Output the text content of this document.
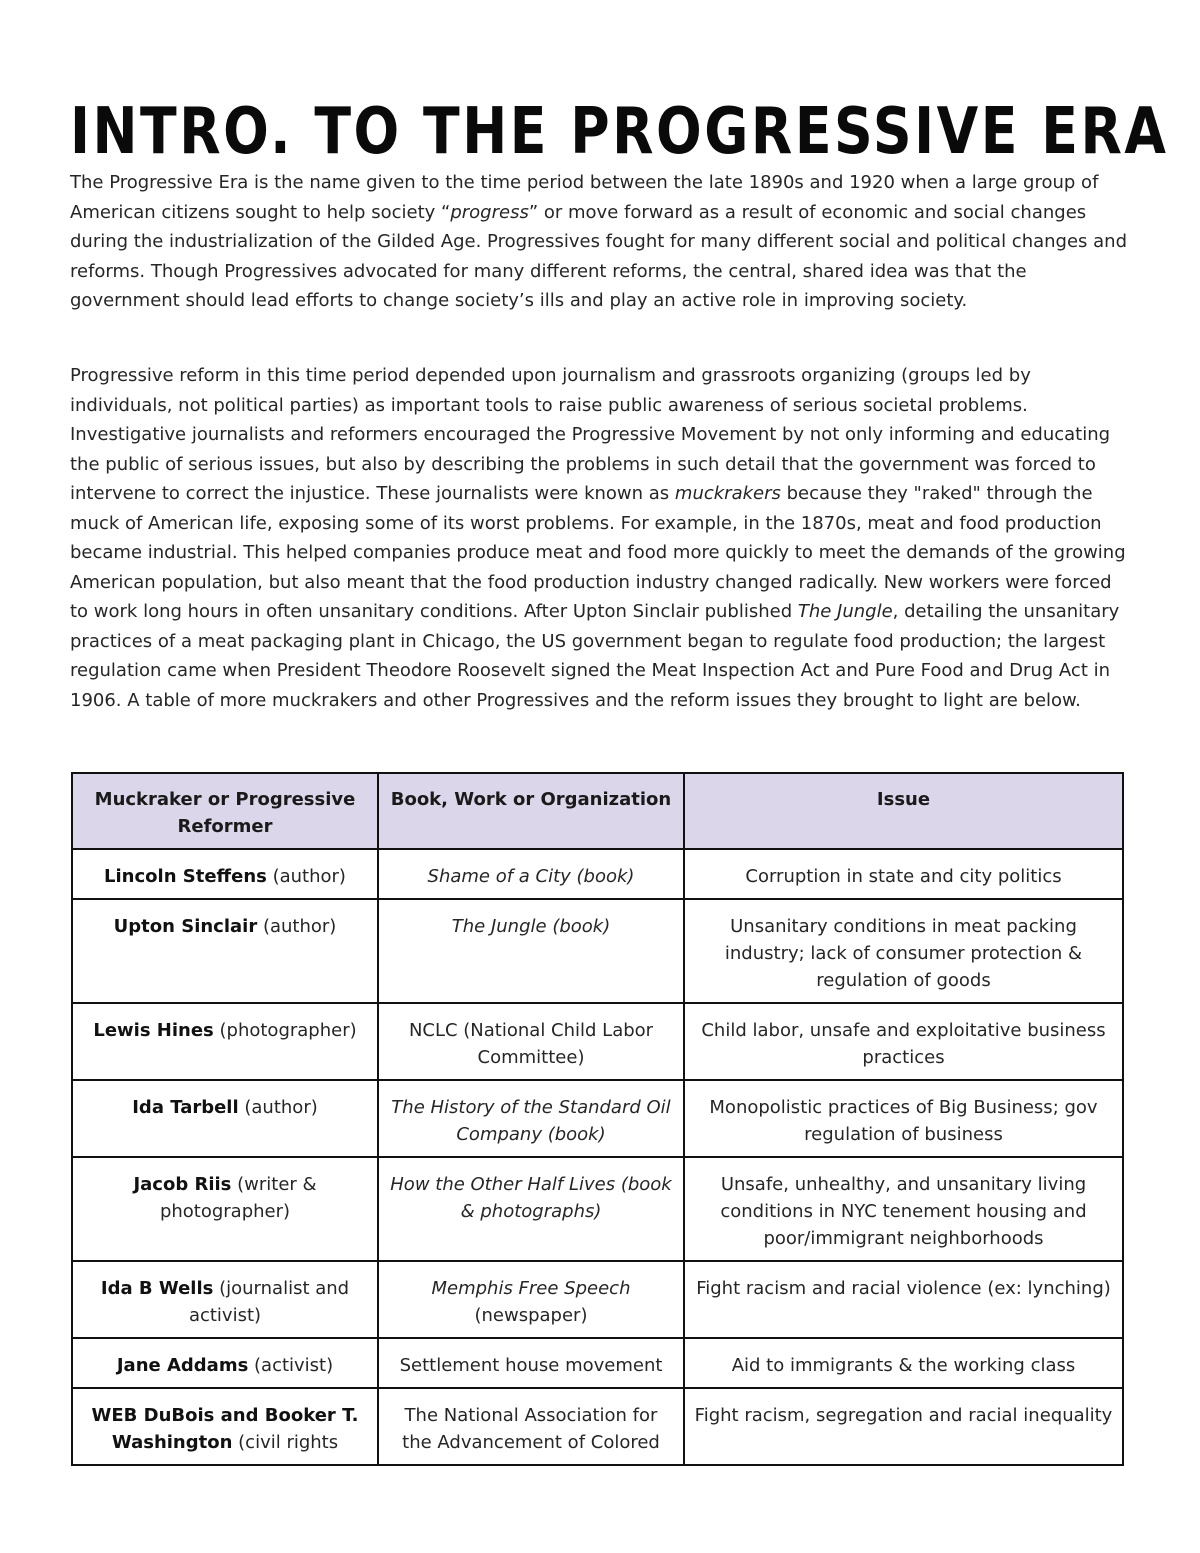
INTRO. TO THE PROGRESSIVE ERA

The Progressive Era is the name given to the time period between the late 1890s and 1920 when a large group of American citizens sought to help society “progress” or move forward as a result of economic and social changes during the industrialization of the Gilded Age. Progressives fought for many different social and political changes and reforms. Though Progressives advocated for many different reforms, the central, shared idea was that the government should lead efforts to change society’s ills and play an active role in improving society.

Progressive reform in this time period depended upon journalism and grassroots organizing (groups led by individuals, not political parties) as important tools to raise public awareness of serious societal problems. Investigative journalists and reformers encouraged the Progressive Movement by not only informing and educating the public of serious issues, but also by describing the problems in such detail that the government was forced to intervene to correct the injustice. These journalists were known as muckrakers because they "raked" through the muck of American life, exposing some of its worst problems. For example, in the 1870s, meat and food production became industrial. This helped companies produce meat and food more quickly to meet the demands of the growing American population, but also meant that the food production industry changed radically. New workers were forced to work long hours in often unsanitary conditions. After Upton Sinclair published The Jungle, detailing the unsanitary practices of a meat packaging plant in Chicago, the US government began to regulate food production; the largest regulation came when President Theodore Roosevelt signed the Meat Inspection Act and Pure Food and Drug Act in 1906. A table of more muckrakers and other Progressives and the reform issues they brought to light are below.

Muckraker or Progressive Reformer	Book, Work or Organization	Issue
Lincoln Steffens (author)	Shame of a City (book)	Corruption in state and city politics
Upton Sinclair (author)	The Jungle (book)	Unsanitary conditions in meat packing industry; lack of consumer protection & regulation of goods
Lewis Hines (photographer)	NCLC (National Child Labor Committee)	Child labor, unsafe and exploitative business practices
Ida Tarbell (author)	The History of the Standard Oil Company (book)	Monopolistic practices of Big Business; gov regulation of business
Jacob Riis (writer & photographer)	How the Other Half Lives (book & photographs)	Unsafe, unhealthy, and unsanitary living conditions in NYC tenement housing and poor/immigrant neighborhoods
Ida B Wells (journalist and activist)	Memphis Free Speech (newspaper)	Fight racism and racial violence (ex: lynching)
Jane Addams (activist)	Settlement house movement	Aid to immigrants & the working class

WEB DuBois and Booker T. Washington (civil rights	The National Association for the Advancement of Colored	Fight racism, segregation and racial inequality
